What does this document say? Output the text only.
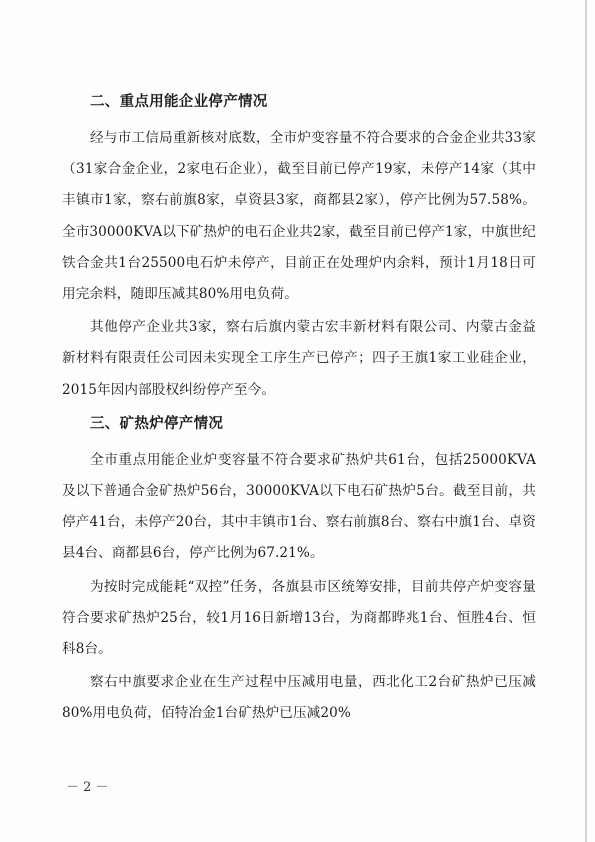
二、重点用能企业停产情况

经与市工信局重新核对底数，全市炉变容量不符合要求的合金企业共33家（31家合金企业，2家电石企业），截至目前已停产19家，未停产14家（其中丰镇市1家，察右前旗8家，卓资县3家，商都县2家），停产比例为57.58%。全市30000KVA以下矿热炉的电石企业共2家，截至目前已停产1家，中旗世纪铁合金共1台25500电石炉未停产，目前正在处理炉内余料，预计1月18日可用完余料，随即压减其80%用电负荷。

其他停产企业共3家，察右后旗内蒙古宏丰新材料有限公司、内蒙古金益新材料有限责任公司因未实现全工序生产已停产；四子王旗1家工业硅企业，2015年因内部股权纠纷停产至今。

三、矿热炉停产情况

全市重点用能企业炉变容量不符合要求矿热炉共61台，包括25000KVA及以下普通合金矿热炉56台，30000KVA以下电石矿热炉5台。截至目前，共停产41台，未停产20台，其中丰镇市1台、察右前旗8台、察右中旗1台、卓资县4台、商都县6台，停产比例为67.21%。

为按时完成能耗“双控”任务，各旗县市区统筹安排，目前共停产炉变容量符合要求矿热炉25台，较1月16日新增13台，为商都晔兆1台、恒胜4台、恒科8台。

察右中旗要求企业在生产过程中压减用电量，西北化工2台矿热炉已压减80%用电负荷，佰特冶金1台矿热炉已压减20%

－ 2 －
